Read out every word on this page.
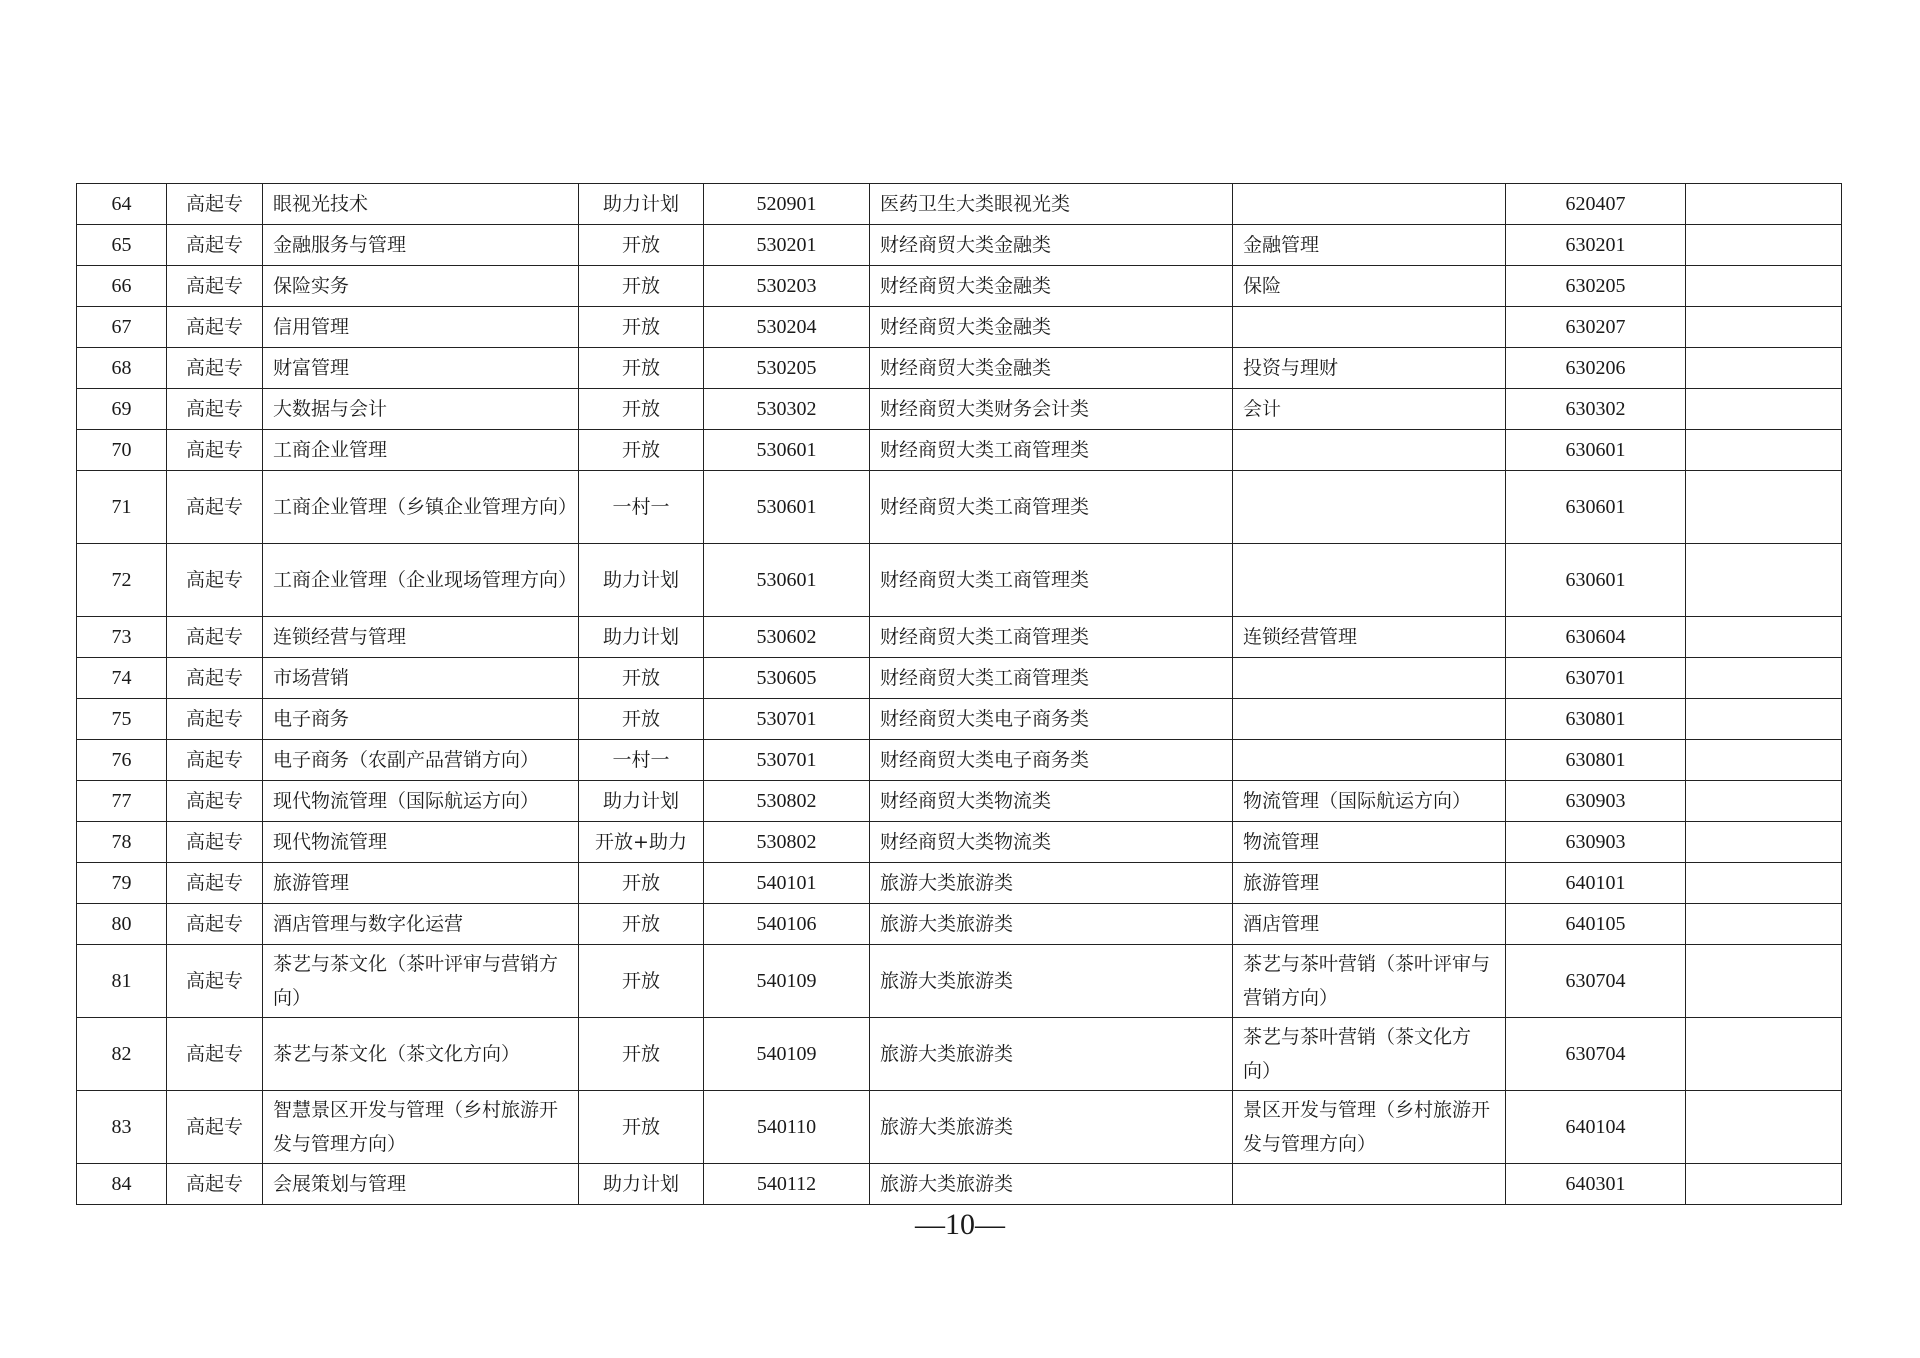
64	高起专	眼视光技术	助力计划	520901	医药卫生大类眼视光类		620407	
65	高起专	金融服务与管理	开放	530201	财经商贸大类金融类	金融管理	630201	
66	高起专	保险实务	开放	530203	财经商贸大类金融类	保险	630205	
67	高起专	信用管理	开放	530204	财经商贸大类金融类		630207	
68	高起专	财富管理	开放	530205	财经商贸大类金融类	投资与理财	630206	
69	高起专	大数据与会计	开放	530302	财经商贸大类财务会计类	会计	630302	
70	高起专	工商企业管理	开放	530601	财经商贸大类工商管理类		630601	
71	高起专	工商企业管理（乡镇企业管理方向）	一村一	530601	财经商贸大类工商管理类		630601	
72	高起专	工商企业管理（企业现场管理方向）	助力计划	530601	财经商贸大类工商管理类		630601	
73	高起专	连锁经营与管理	助力计划	530602	财经商贸大类工商管理类	连锁经营管理	630604	
74	高起专	市场营销	开放	530605	财经商贸大类工商管理类		630701	
75	高起专	电子商务	开放	530701	财经商贸大类电子商务类		630801	
76	高起专	电子商务（农副产品营销方向）	一村一	530701	财经商贸大类电子商务类		630801	
77	高起专	现代物流管理（国际航运方向）	助力计划	530802	财经商贸大类物流类	物流管理（国际航运方向）	630903	
78	高起专	现代物流管理	开放+助力	530802	财经商贸大类物流类	物流管理	630903	
79	高起专	旅游管理	开放	540101	旅游大类旅游类	旅游管理	640101	
80	高起专	酒店管理与数字化运营	开放	540106	旅游大类旅游类	酒店管理	640105	
81	高起专	茶艺与茶文化（茶叶评审与营销方向）	开放	540109	旅游大类旅游类	茶艺与茶叶营销（茶叶评审与营销方向）	630704	
82	高起专	茶艺与茶文化（茶文化方向）	开放	540109	旅游大类旅游类	茶艺与茶叶营销（茶文化方向）	630704	
83	高起专	智慧景区开发与管理（乡村旅游开发与管理方向）	开放	540110	旅游大类旅游类	景区开发与管理（乡村旅游开发与管理方向）	640104	
84	高起专	会展策划与管理	助力计划	540112	旅游大类旅游类		640301	
—10—
